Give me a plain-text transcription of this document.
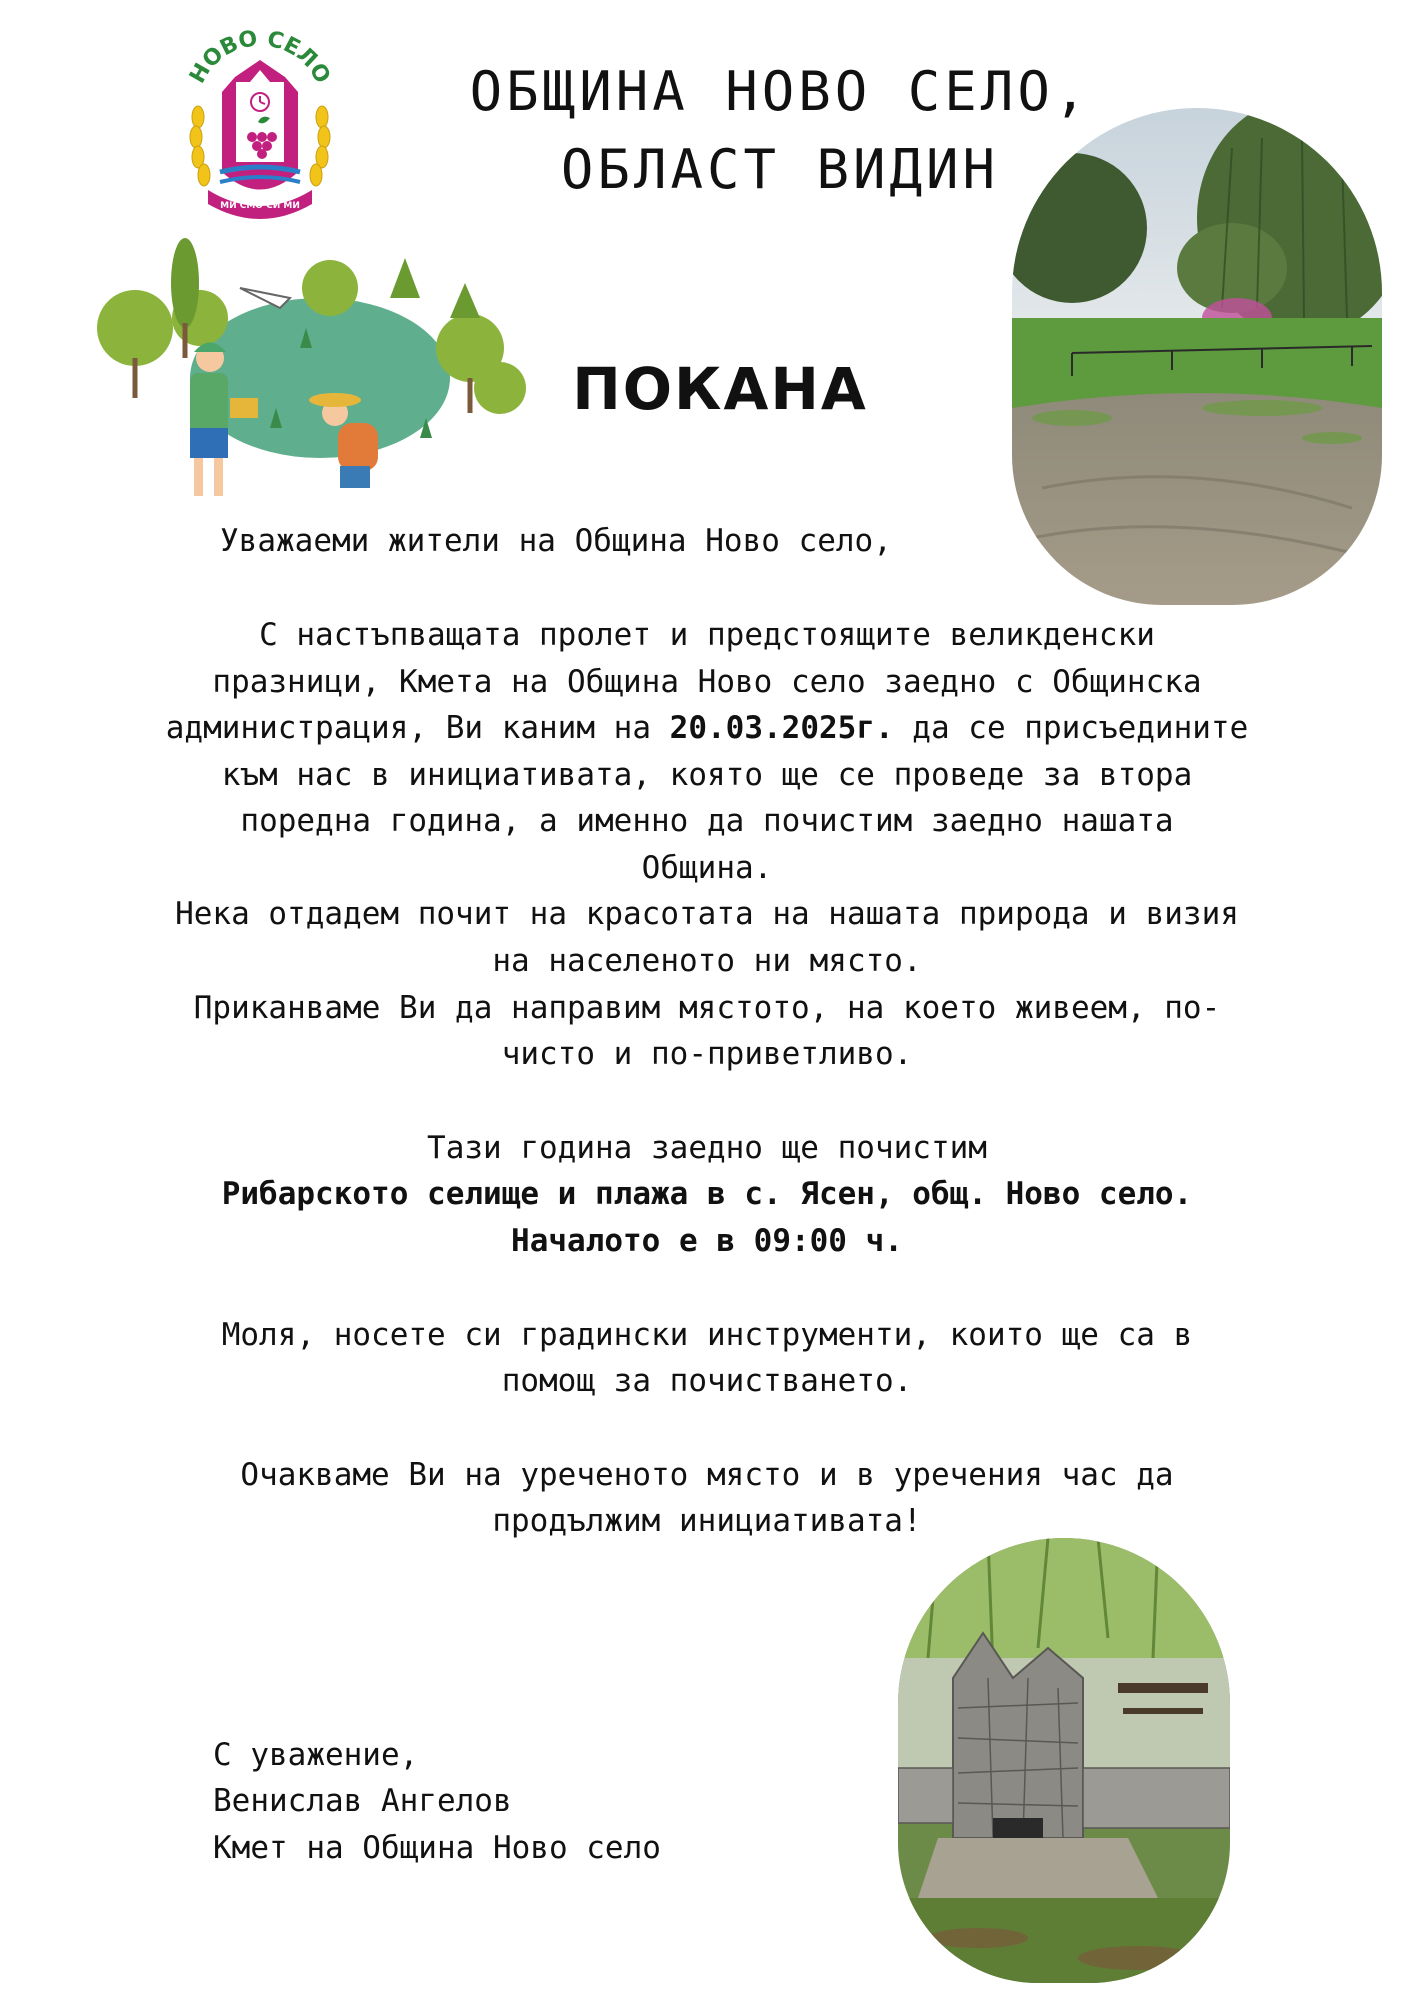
НОВО СЕЛО
МИ СМО СИ МИ
ОБЩИНА НОВО СЕЛО,
ОБЛАСТ ВИДИН
ПОКАНА
Уважаеми жители на Община Ново село,
С настъпващата пролет и предстоящите великденски
празници, Кмета на Община Ново село заедно с Общинска
администрация, Ви каним на 20.03.2025г. да се присъедините
към нас в инициативата, която ще се проведе за втора
поредна година, а именно да почистим заедно нашата
Община.
Нека отдадем почит на красотата на нашата природа и визия
на населеното ни място.
Приканваме Ви да направим мястото, на което живеем, по-
чисто и по-приветливо.
Тази година заедно ще почистим
Рибарското селище и плажа в с. Ясен, общ. Ново село.
Началото е в 09:00 ч.
Моля, носете си градински инструменти, които ще са в
помощ за почистването.
Очакваме Ви на уреченото място и в уречения час да
продължим инициативата!
С уважение,
Венислав Ангелов
Кмет на Община Ново село
